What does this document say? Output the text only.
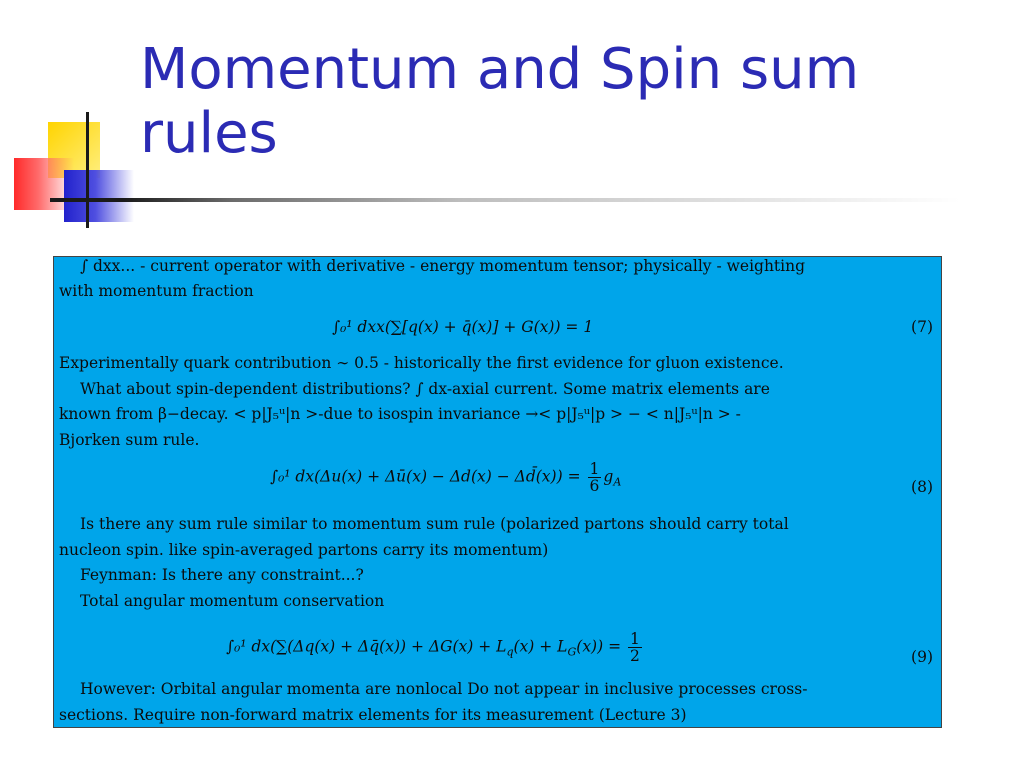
Momentum and Spin sum
rules
∫ dxx... - current operator with derivative - energy momentum tensor; physically - weighting
with momentum fraction
∫₀¹ dxx(∑[q(x) + q̄(x)] + G(x)) = 1	(7)
Experimentally quark contribution ∼ 0.5 - historically the first evidence for gluon existence.
What about spin-dependent distributions? ∫ dx-axial current. Some matrix elements are
known from β−decay. < p|J₅ᵘ|n >-due to isospin invariance →< p|J₅ᵘ|p > − < n|J₅ᵘ|n > -
Bjorken sum rule.
∫₀¹ dx(Δu(x) + Δū(x) − Δd(x) − Δd̄(x)) = $\frac{1}{6} g_A$	(8)
Is there any sum rule similar to momentum sum rule (polarized partons should carry total
nucleon spin. like spin-averaged partons carry its momentum)
Feynman: Is there any constraint...?
Total angular momentum conservation
∫₀¹ dx(∑(Δq(x) + Δq̄(x)) + $\Delta G(x) + L_q(x) + L_G(x)) = \frac{1}{2}$	(9)
However: Orbital angular momenta are nonlocal Do not appear in inclusive processes cross-
sections. Require non-forward matrix elements for its measurement (Lecture 3)
